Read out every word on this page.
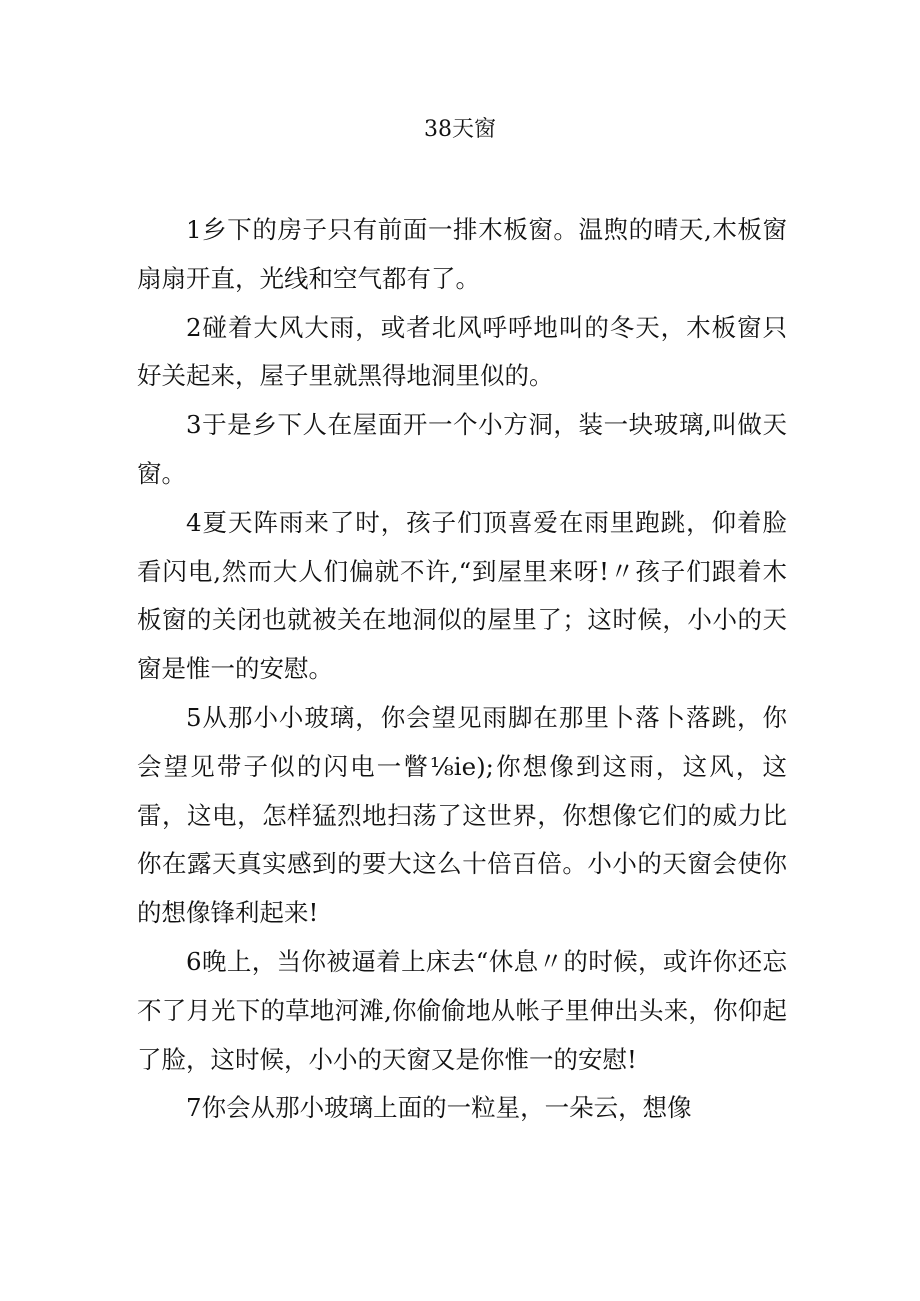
38天窗

1乡下的房子只有前面一排木板窗。温煦的晴天,木板窗扇扇开直，光线和空气都有了。

2碰着大风大雨，或者北风呼呼地叫的冬天，木板窗只好关起来，屋子里就黑得地洞里似的。

3于是乡下人在屋面开一个小方洞，装一块玻璃,叫做天窗。

4夏天阵雨来了时，孩子们顶喜爱在雨里跑跳，仰着脸看闪电,然而大人们偏就不许,“到屋里来呀!〃孩子们跟着木板窗的关闭也就被关在地洞似的屋里了；这时候，小小的天窗是惟一的安慰。

5从那小小玻璃，你会望见雨脚在那里卜落卜落跳，你会望见带子似的闪电一瞥⅛ie);你想像到这雨，这风，这雷，这电，怎样猛烈地扫荡了这世界，你想像它们的威力比你在露天真实感到的要大这么十倍百倍。小小的天窗会使你的想像锋利起来!

6晚上，当你被逼着上床去“休息〃的时候，或许你还忘不了月光下的草地河滩,你偷偷地从帐子里伸出头来，你仰起了脸，这时候，小小的天窗又是你惟一的安慰!

7你会从那小玻璃上面的一粒星，一朵云，想像
